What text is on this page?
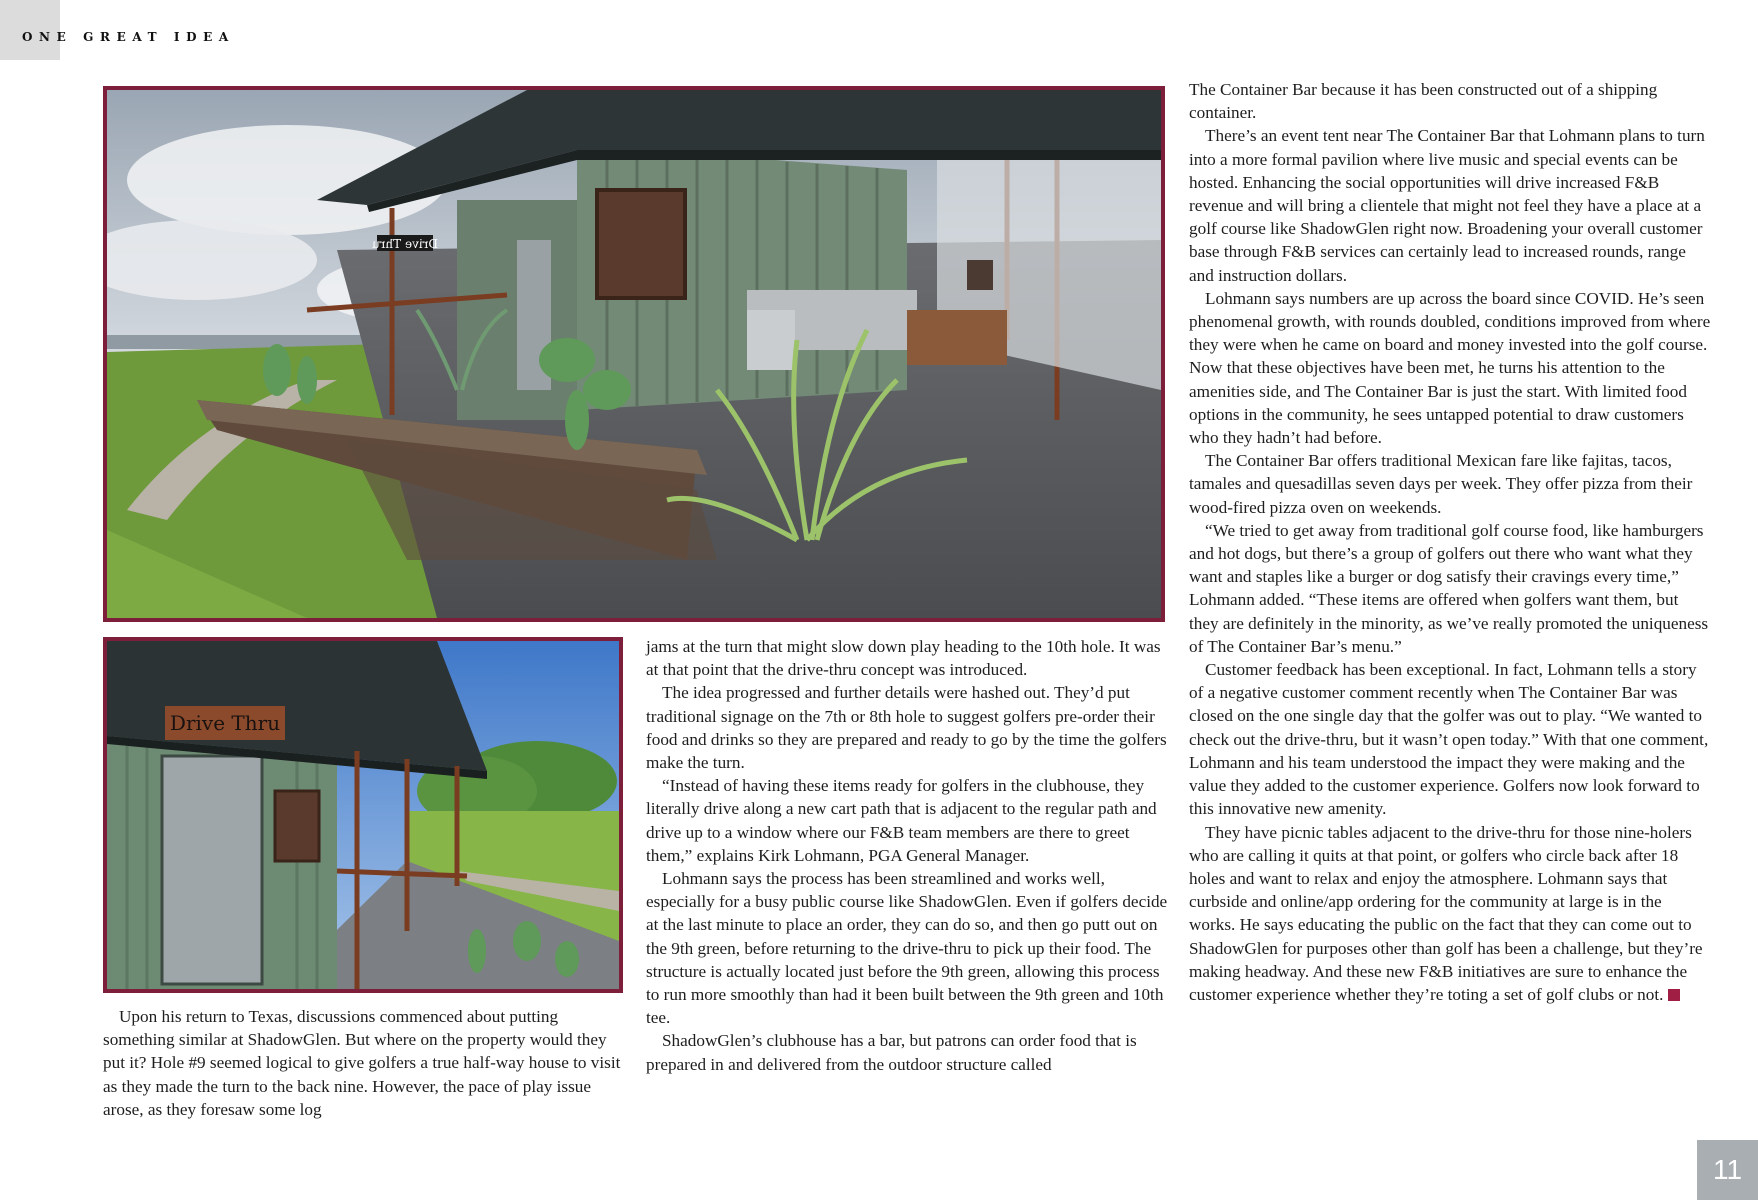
ONE GREAT IDEA
Drive Thru
Drive Thru

Upon his return to Texas, discussions commenced about putting something similar at ShadowGlen. But where on the property would they put it? Hole #9 seemed logical to give golfers a true half-way house to visit as they made the turn to the back nine. However, the pace of play issue arose, as they foresaw some log

jams at the turn that might slow down play heading to the 10th hole. It was at that point that the drive-thru concept was introduced.

The idea progressed and further details were hashed out. They’d put traditional signage on the 7th or 8th hole to suggest golfers pre-order their food and drinks so they are prepared and ready to go by the time the golfers make the turn.

“Instead of having these items ready for golfers in the clubhouse, they literally drive along a new cart path that is adjacent to the regular path and drive up to a window where our F&B team members are there to greet them,” explains Kirk Lohmann, PGA General Manager.

Lohmann says the process has been streamlined and works well, especially for a busy public course like ShadowGlen. Even if golfers decide at the last minute to place an order, they can do so, and then go putt out on the 9th green, before returning to the drive-thru to pick up their food. The structure is actually located just before the 9th green, allowing this process to run more smoothly than had it been built between the 9th green and 10th tee.

ShadowGlen’s clubhouse has a bar, but patrons can order food that is prepared in and delivered from the outdoor structure called

The Container Bar because it has been constructed out of a shipping container.

There’s an event tent near The Container Bar that Lohmann plans to turn into a more formal pavilion where live music and special events can be hosted. Enhancing the social opportunities will drive increased F&B revenue and will bring a clientele that might not feel they have a place at a golf course like ShadowGlen right now. Broadening your overall customer base through F&B services can certainly lead to increased rounds, range and instruction dollars.

Lohmann says numbers are up across the board since COVID. He’s seen phenomenal growth, with rounds doubled, conditions improved from where they were when he came on board and money invested into the golf course. Now that these objectives have been met, he turns his attention to the amenities side, and The Container Bar is just the start. With limited food options in the community, he sees untapped potential to draw customers who they hadn’t had before.

The Container Bar offers traditional Mexican fare like fajitas, tacos, tamales and quesadillas seven days per week. They offer pizza from their wood-fired pizza oven on weekends.

“We tried to get away from traditional golf course food, like hamburgers and hot dogs, but there’s a group of golfers out there who want what they want and staples like a burger or dog satisfy their cravings every time,” Lohmann added. “These items are offered when golfers want them, but they are definitely in the minority, as we’ve really promoted the uniqueness of The Container Bar’s menu.”

Customer feedback has been exceptional. In fact, Lohmann tells a story of a negative customer comment recently when The Container Bar was closed on the one single day that the golfer was out to play. “We wanted to check out the drive-thru, but it wasn’t open today.” With that one comment, Lohmann and his team understood the impact they were making and the value they added to the customer experience. Golfers now look forward to this innovative new amenity.

They have picnic tables adjacent to the drive-thru for those nine-holers who are calling it quits at that point, or golfers who circle back after 18 holes and want to relax and enjoy the atmosphere. Lohmann says that curbside and online/app ordering for the community at large is in the works. He says educating the public on the fact that they can come out to ShadowGlen for purposes other than golf has been a challenge, but they’re making headway. And these new F&B initiatives are sure to enhance the customer experience whether they’re toting a set of golf clubs or not.

11
